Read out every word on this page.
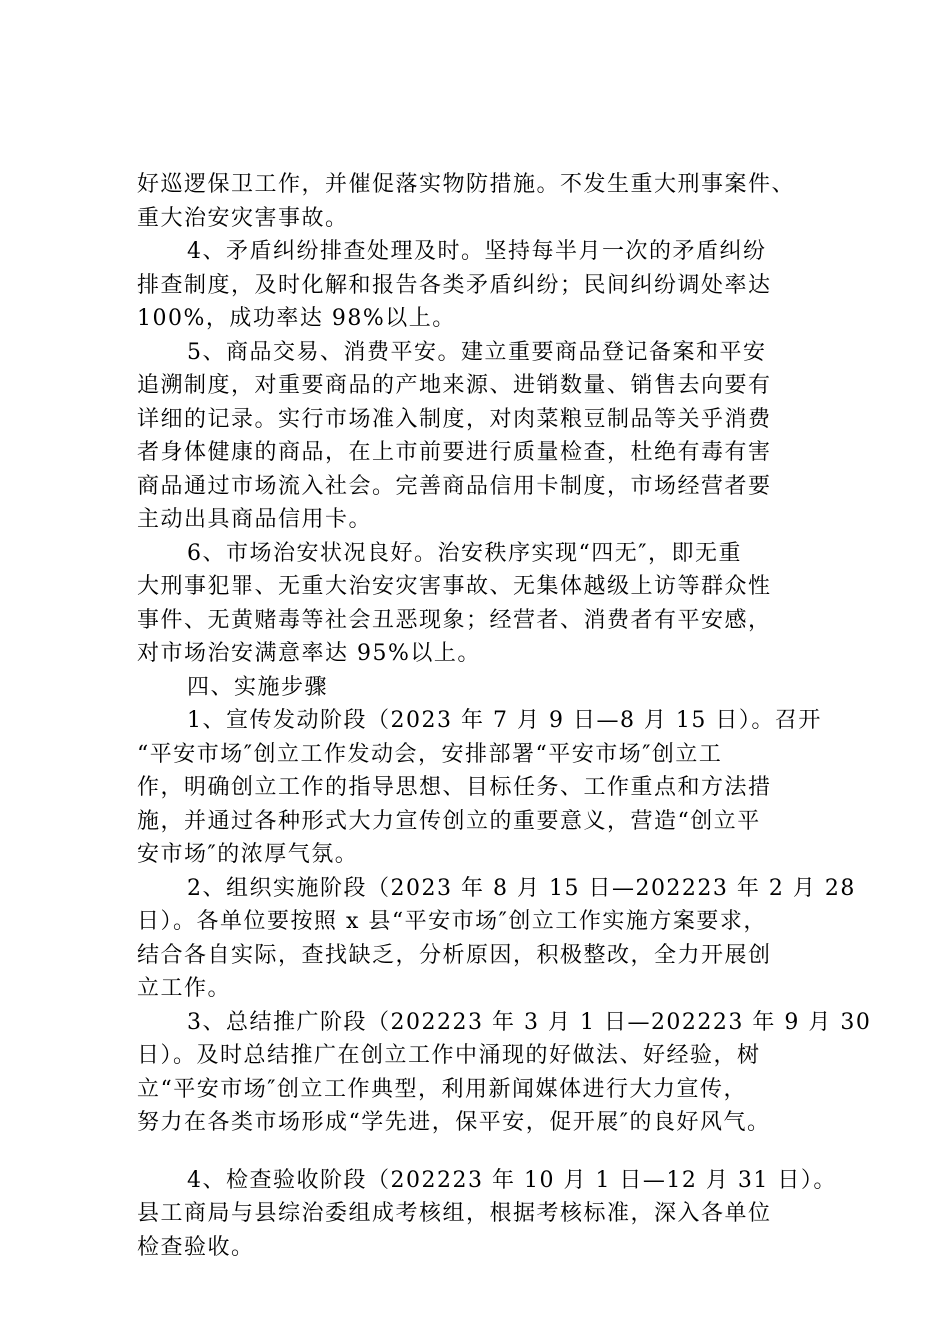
好巡逻保卫工作，并催促落实物防措施。不发生重大刑事案件、
重大治安灾害事故。
4、矛盾纠纷排查处理及时。坚持每半月一次的矛盾纠纷
排查制度，及时化解和报告各类矛盾纠纷；民间纠纷调处率达
100%，成功率达 98%以上。
5、商品交易、消费平安。建立重要商品登记备案和平安
追溯制度，对重要商品的产地来源、进销数量、销售去向要有
详细的记录。实行市场准入制度，对肉菜粮豆制品等关乎消费
者身体健康的商品，在上市前要进行质量检查，杜绝有毒有害
商品通过市场流入社会。完善商品信用卡制度，市场经营者要
主动出具商品信用卡。
6、市场治安状况良好。治安秩序实现“四无″，即无重
大刑事犯罪、无重大治安灾害事故、无集体越级上访等群众性
事件、无黄赌毒等社会丑恶现象；经营者、消费者有平安感，
对市场治安满意率达 95%以上。
四、实施步骤
1、宣传发动阶段（2023 年 7 月 9 日—8 月 15 日）。召开
“平安市场″创立工作发动会，安排部署“平安市场″创立工
作，明确创立工作的指导思想、目标任务、工作重点和方法措
施，并通过各种形式大力宣传创立的重要意义，营造“创立平
安市场″的浓厚气氛。
2、组织实施阶段（2023 年 8 月 15 日—202223 年 2 月 28
日）。各单位要按照 x 县“平安市场″创立工作实施方案要求，
结合各自实际，查找缺乏，分析原因，积极整改，全力开展创
立工作。
3、总结推广阶段（202223 年 3 月 1 日—202223 年 9 月 30
日）。及时总结推广在创立工作中涌现的好做法、好经验，树
立“平安市场″创立工作典型，利用新闻媒体进行大力宣传，
努力在各类市场形成“学先进，保平安，促开展″的良好风气。
4、检查验收阶段（202223 年 10 月 1 日—12 月 31 日）。
县工商局与县综治委组成考核组，根据考核标准，深入各单位
检查验收。
